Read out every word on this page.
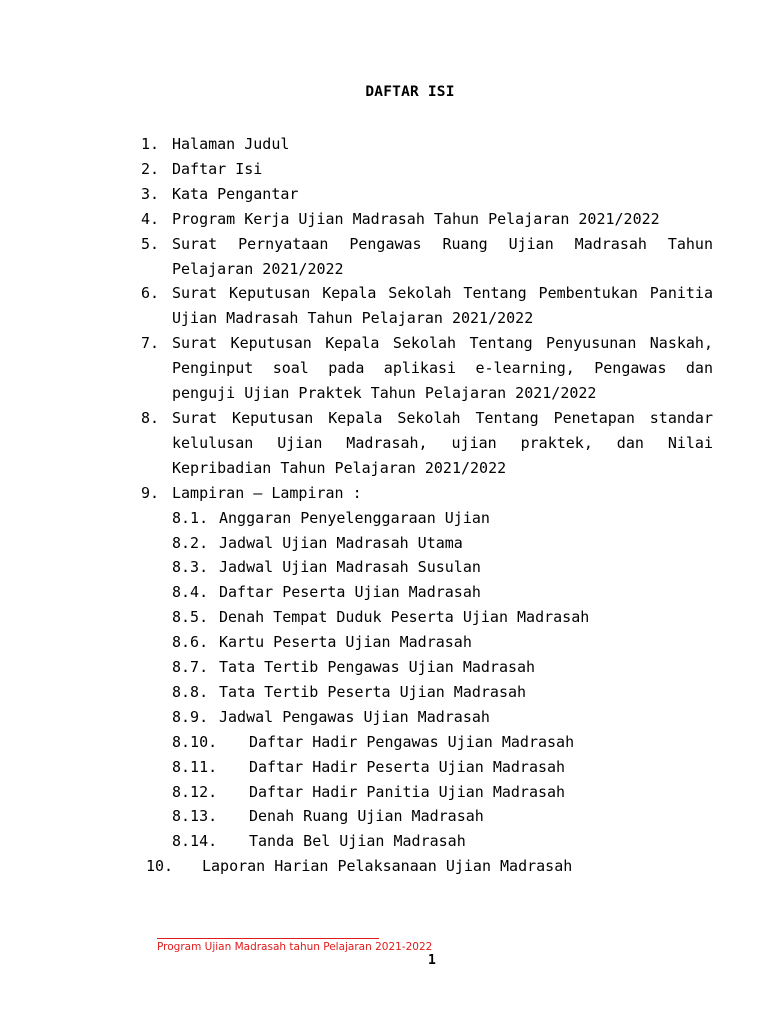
DAFTAR ISI
1. Halaman Judul
2. Daftar Isi
3. Kata Pengantar
4. Program Kerja Ujian Madrasah Tahun Pelajaran 2021/2022
5. Surat Pernyataan Pengawas Ruang Ujian Madrasah Tahun Pelajaran 2021/2022
6. Surat Keputusan Kepala Sekolah Tentang Pembentukan Panitia Ujian Madrasah Tahun Pelajaran 2021/2022
7. Surat Keputusan Kepala Sekolah Tentang Penyusunan Naskah, Penginput soal pada aplikasi e-learning, Pengawas dan penguji Ujian Praktek Tahun Pelajaran 2021/2022
8. Surat Keputusan Kepala Sekolah Tentang Penetapan standar kelulusan Ujian Madrasah, ujian praktek, dan Nilai Kepribadian Tahun Pelajaran 2021/2022
9. Lampiran – Lampiran :
8.1. Anggaran Penyelenggaraan Ujian
8.2. Jadwal Ujian Madrasah Utama
8.3. Jadwal Ujian Madrasah Susulan
8.4. Daftar Peserta Ujian Madrasah
8.5. Denah Tempat Duduk Peserta Ujian Madrasah
8.6. Kartu Peserta Ujian Madrasah
8.7. Tata Tertib Pengawas Ujian Madrasah
8.8. Tata Tertib Peserta Ujian Madrasah
8.9. Jadwal Pengawas Ujian Madrasah
8.10. Daftar Hadir Pengawas Ujian Madrasah
8.11. Daftar Hadir Peserta Ujian Madrasah
8.12. Daftar Hadir Panitia Ujian Madrasah
8.13. Denah Ruang Ujian Madrasah
8.14. Tanda Bel Ujian Madrasah
10. Laporan Harian Pelaksanaan Ujian Madrasah
Program Ujian Madrasah tahun Pelajaran 2021-2022
1
